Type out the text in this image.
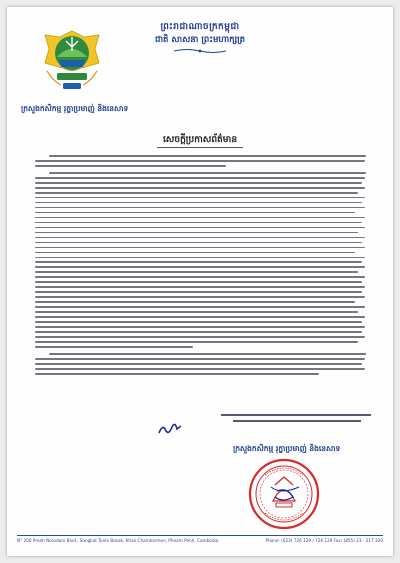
ព្រះរាជាណាចក្រកម្ពុជា
ជាតិ សាសនា ព្រះមហាក្សត្រ
ក្រសួងកសិកម្ម រុក្ខាប្រមាញ់ និងនេសាទ
សេចក្តីប្រកាសព័ត៌មាន
ក្រសួងកសិកម្ម រុក្ខាប្រមាញ់ និងនេសាទ
N° 200 Preah Norodom Blvd., Sangkat Tonle Basak, Khan Chamkarmon, Phnom Penh, Cambodia	Phone: (023) 726 129 / 726 129 Fax: (855) 23 - 217 320
